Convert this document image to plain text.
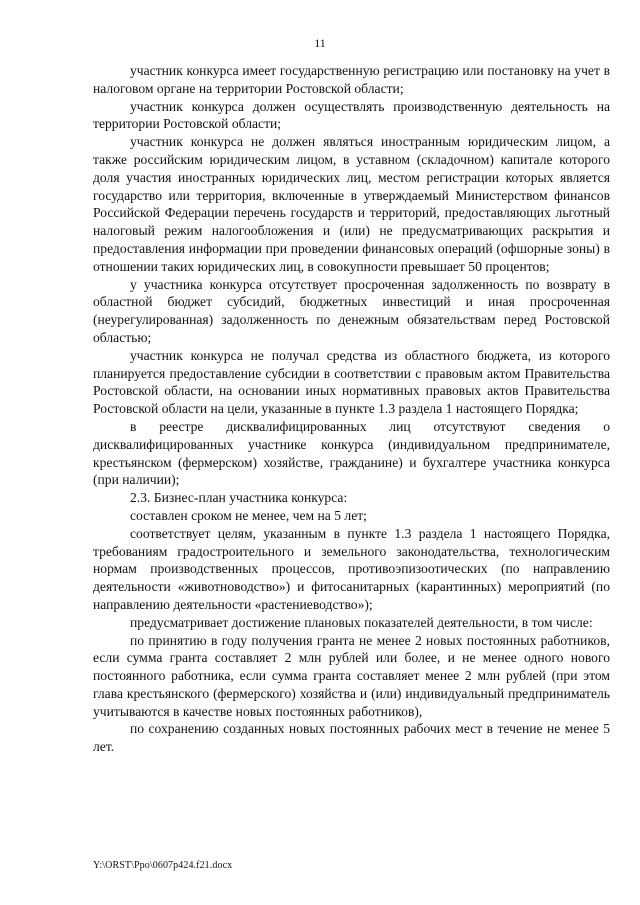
11

участник конкурса имеет государственную регистрацию или постановку на учет в налоговом органе на территории Ростовской области;

участник конкурса должен осуществлять производственную деятельность на территории Ростовской области;

участник конкурса не должен являться иностранным юридическим лицом, а также российским юридическим лицом, в уставном (складочном) капитале которого доля участия иностранных юридических лиц, местом регистрации которых является государство или территория, включенные в утверждаемый Министерством финансов Российской Федерации перечень государств и территорий, предоставляющих льготный налоговый режим налогообложения и (или) не предусматривающих раскрытия и предоставления информации при проведении финансовых операций (офшорные зоны) в отношении таких юридических лиц, в совокупности превышает 50 процентов;

у участника конкурса отсутствует просроченная задолженность по возврату в областной бюджет субсидий, бюджетных инвестиций и иная просроченная (неурегулированная) задолженность по денежным обязательствам перед Ростовской областью;

участник конкурса не получал средства из областного бюджета, из которого планируется предоставление субсидии в соответствии с правовым актом Правительства Ростовской области, на основании иных нормативных правовых актов Правительства Ростовской области на цели, указанные в пункте 1.3 раздела 1 настоящего Порядка;

в реестре дисквалифицированных лиц отсутствуют сведения о дисквалифицированных участнике конкурса (индивидуальном предпринимателе, крестьянском (фермерском) хозяйстве, гражданине) и бухгалтере участника конкурса (при наличии);

2.3. Бизнес-план участника конкурса:

составлен сроком не менее, чем на 5 лет;

соответствует целям, указанным в пункте 1.3 раздела 1 настоящего Порядка, требованиям градостроительного и земельного законодательства, технологическим нормам производственных процессов, противоэпизоотических (по направлению деятельности «животноводство») и фитосанитарных (карантинных) мероприятий (по направлению деятельности «растениеводство»);

предусматривает достижение плановых показателей деятельности, в том числе:

по принятию в году получения гранта не менее 2 новых постоянных работников, если сумма гранта составляет 2 млн рублей или более, и не менее одного нового постоянного работника, если сумма гранта составляет менее 2 млн рублей (при этом глава крестьянского (фермерского) хозяйства и (или) индивидуальный предприниматель учитываются в качестве новых постоянных работников),

по сохранению созданных новых постоянных рабочих мест в течение не менее 5 лет.

Y:\ORST\Ppo\0607p424.f21.docx
